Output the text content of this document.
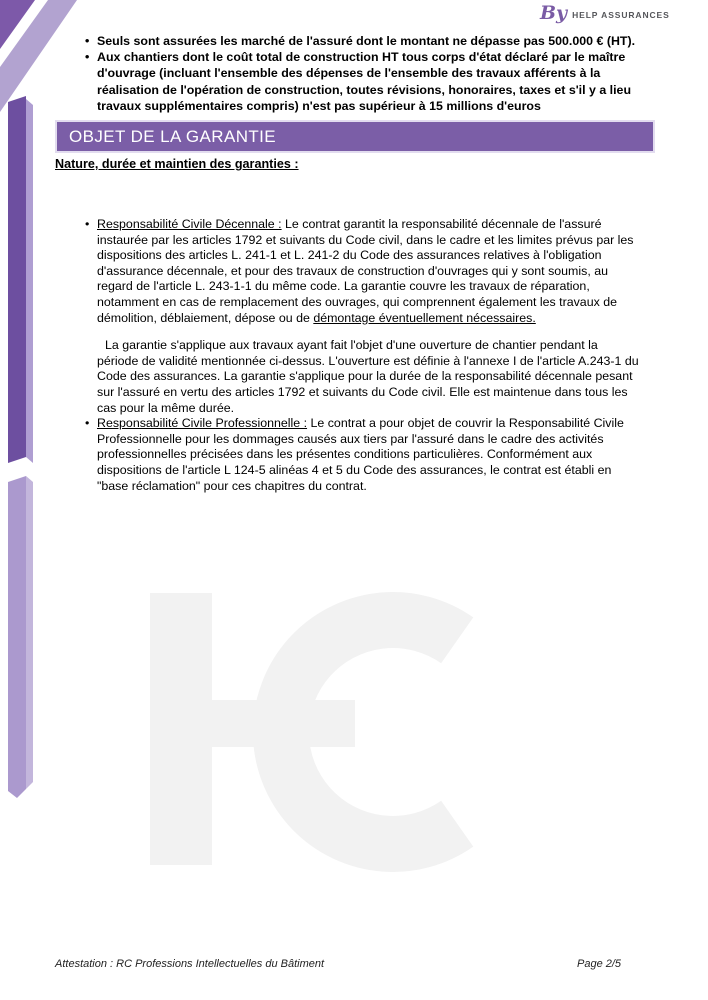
By HELP ASSURANCES
• Seuls sont assurées les marché de l'assuré dont le montant ne dépasse pas 500.000 € (HT).
• Aux chantiers dont le coût total de construction HT tous corps d'état déclaré par le maître d'ouvrage (incluant l'ensemble des dépenses de l'ensemble des travaux afférents à la réalisation de l'opération de construction, toutes révisions, honoraires, taxes et s'il y a lieu travaux supplémentaires compris) n'est pas supérieur à 15 millions d'euros
OBJET DE LA GARANTIE
Nature, durée et maintien des garanties :
• Responsabilité Civile Décennale : Le contrat garantit la responsabilité décennale de l'assuré instaurée par les articles 1792 et suivants du Code civil, dans le cadre et les limites prévus par les dispositions des articles L. 241-1 et L. 241-2 du Code des assurances relatives à l'obligation d'assurance décennale, et pour des travaux de construction d'ouvrages qui y sont soumis, au regard de l'article L. 243-1-1 du même code. La garantie couvre les travaux de réparation, notamment en cas de remplacement des ouvrages, qui comprennent également les travaux de démolition, déblaiement, dépose ou de démontage éventuellement nécessaires.

La garantie s'applique aux travaux ayant fait l'objet d'une ouverture de chantier pendant la période de validité mentionnée ci-dessus. L'ouverture est définie à l'annexe I de l'article A.243-1 du Code des assurances. La garantie s'applique pour la durée de la responsabilité décennale pesant sur l'assuré en vertu des articles 1792 et suivants du Code civil. Elle est maintenue dans tous les cas pour la même durée.

• Responsabilité Civile Professionnelle : Le contrat a pour objet de couvrir la Responsabilité Civile Professionnelle pour les dommages causés aux tiers par l'assuré dans le cadre des activités professionnelles précisées dans les présentes conditions particulières. Conformément aux dispositions de l'article L 124-5 alinéas 4 et 5 du Code des assurances, le contrat est établi en "base réclamation" pour ces chapitres du contrat.
Attestation : RC Professions Intellectuelles du Bâtiment	Page 2/5
